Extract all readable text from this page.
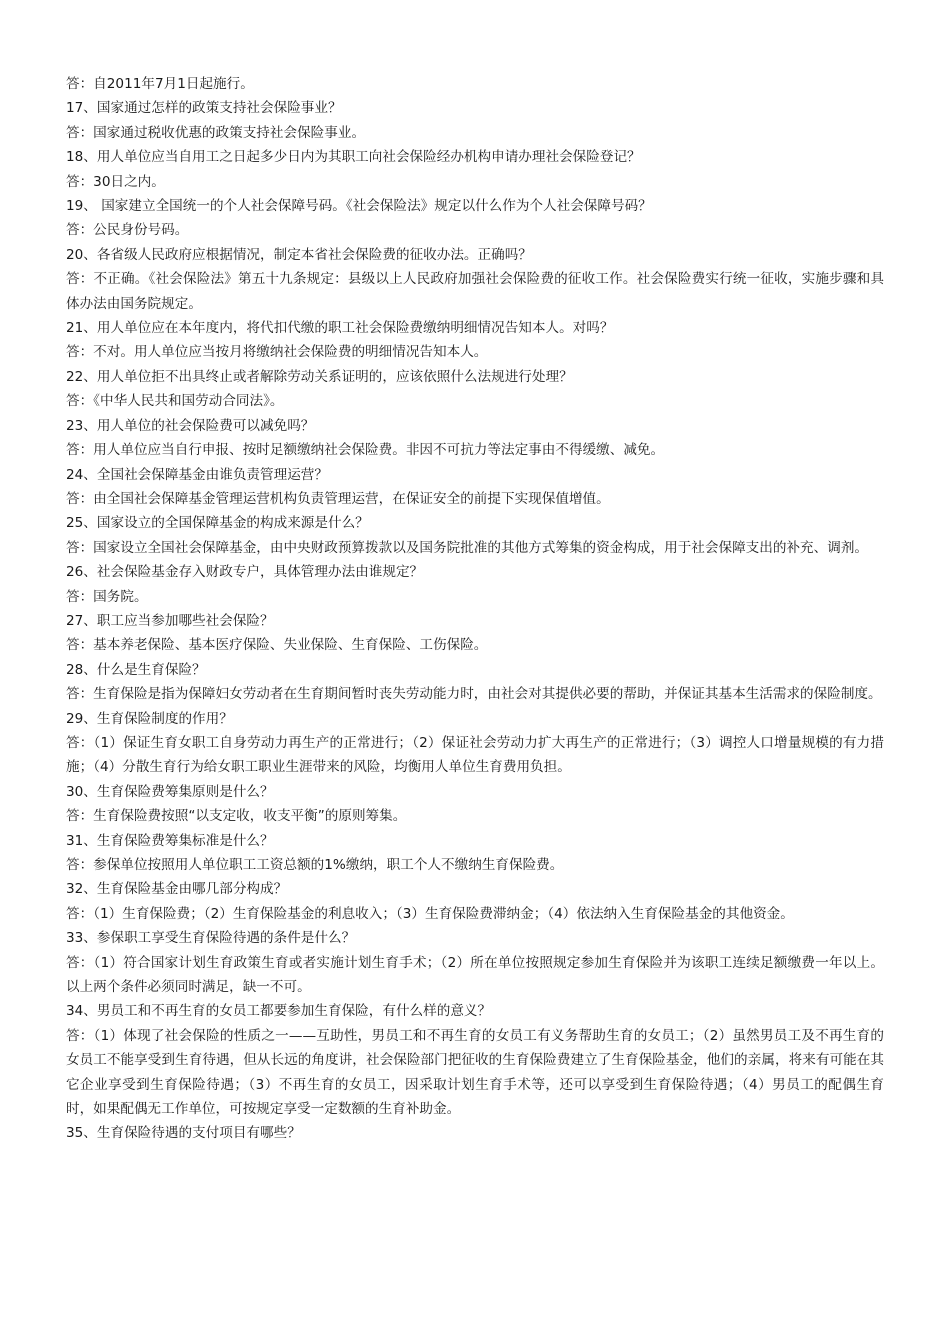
答：自2011年7月1日起施行。

17、国家通过怎样的政策支持社会保险事业？

答：国家通过税收优惠的政策支持社会保险事业。

18、用人单位应当自用工之日起多少日内为其职工向社会保险经办机构申请办理社会保险登记？

答：30日之内。

19、 国家建立全国统一的个人社会保障号码。《社会保险法》规定以什么作为个人社会保障号码？

答：公民身份号码。

20、各省级人民政府应根据情况，制定本省社会保险费的征收办法。正确吗？

答：不正确。《社会保险法》第五十九条规定：县级以上人民政府加强社会保险费的征收工作。社会保险费实行统一征收，实施步骤和具体办法由国务院规定。

21、用人单位应在本年度内，将代扣代缴的职工社会保险费缴纳明细情况告知本人。对吗？

答：不对。用人单位应当按月将缴纳社会保险费的明细情况告知本人。

22、用人单位拒不出具终止或者解除劳动关系证明的，应该依照什么法规进行处理？

答：《中华人民共和国劳动合同法》。

23、用人单位的社会保险费可以减免吗？

答：用人单位应当自行申报、按时足额缴纳社会保险费。非因不可抗力等法定事由不得缓缴、减免。

24、全国社会保障基金由谁负责管理运营？

答：由全国社会保障基金管理运营机构负责管理运营，在保证安全的前提下实现保值增值。

25、国家设立的全国保障基金的构成来源是什么？

答：国家设立全国社会保障基金，由中央财政预算拨款以及国务院批准的其他方式筹集的资金构成，用于社会保障支出的补充、调剂。

26、社会保险基金存入财政专户，具体管理办法由谁规定？

答：国务院。

27、职工应当参加哪些社会保险？

答：基本养老保险、基本医疗保险、失业保险、生育保险、工伤保险。

28、什么是生育保险？

答：生育保险是指为保障妇女劳动者在生育期间暂时丧失劳动能力时，由社会对其提供必要的帮助，并保证其基本生活需求的保险制度。

29、生育保险制度的作用？

答：（1）保证生育女职工自身劳动力再生产的正常进行；（2）保证社会劳动力扩大再生产的正常进行；（3）调控人口增量规模的有力措施；（4）分散生育行为给女职工职业生涯带来的风险，均衡用人单位生育费用负担。

30、生育保险费筹集原则是什么？

答：生育保险费按照“以支定收，收支平衡”的原则筹集。

31、生育保险费筹集标准是什么？

答：参保单位按照用人单位职工工资总额的1%缴纳，职工个人不缴纳生育保险费。

32、生育保险基金由哪几部分构成？

答：（1）生育保险费；（2）生育保险基金的利息收入；（3）生育保险费滞纳金；（4）依法纳入生育保险基金的其他资金。

33、参保职工享受生育保险待遇的条件是什么？

答：（1）符合国家计划生育政策生育或者实施计划生育手术；（2）所在单位按照规定参加生育保险并为该职工连续足额缴费一年以上。以上两个条件必须同时满足，缺一不可。

34、男员工和不再生育的女员工都要参加生育保险，有什么样的意义？

答：（1）体现了社会保险的性质之一——互助性，男员工和不再生育的女员工有义务帮助生育的女员工；（2）虽然男员工及不再生育的女员工不能享受到生育待遇，但从长远的角度讲，社会保险部门把征收的生育保险费建立了生育保险基金，他们的亲属，将来有可能在其它企业享受到生育保险待遇；（3）不再生育的女员工，因采取计划生育手术等，还可以享受到生育保险待遇；（4）男员工的配偶生育时，如果配偶无工作单位，可按规定享受一定数额的生育补助金。

35、生育保险待遇的支付项目有哪些？
